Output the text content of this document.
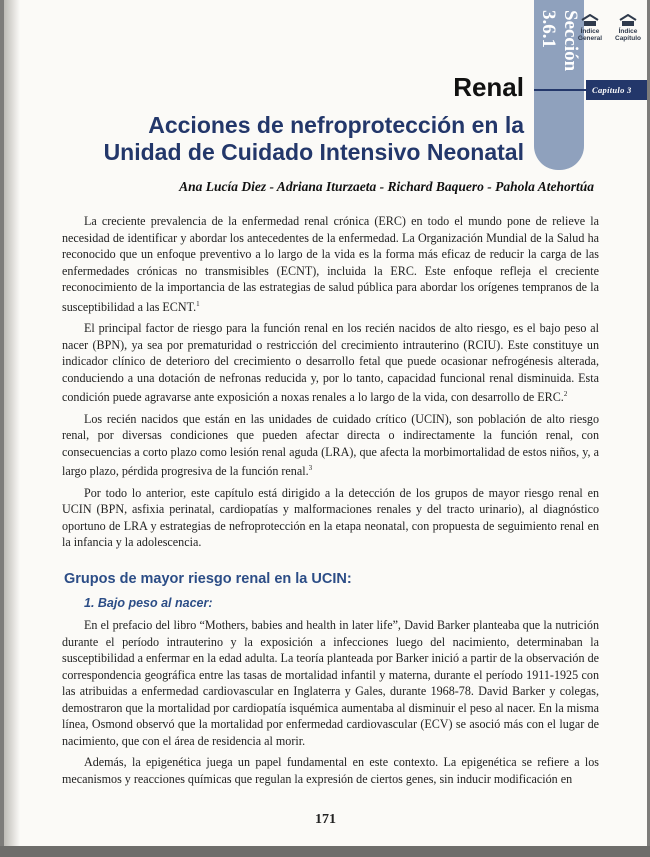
Sección 3.6.1	Índice General
Índice Capítulo
Capítulo 3
Renal
Acciones de nefroprotección en la
Unidad de Cuidado Intensivo Neonatal
Ana Lucía Diez - Adriana Iturzaeta - Richard Baquero - Pahola Atehortúa

La creciente prevalencia de la enfermedad renal crónica (ERC) en todo el mundo pone de relieve la necesidad de identificar y abordar los antecedentes de la enfermedad. La Organización Mundial de la Salud ha reconocido que un enfoque preventivo a lo largo de la vida es la forma más eficaz de reducir la carga de las enfermedades crónicas no transmisibles (ECNT), incluida la ERC. Este enfoque refleja el creciente reconocimiento de la importancia de las estrategias de salud pública para abordar los orígenes tempranos de la susceptibilidad a las ECNT.$^1$

El principal factor de riesgo para la función renal en los recién nacidos de alto riesgo, es el bajo peso al nacer (BPN), ya sea por prematuridad o restricción del crecimiento intrauterino (RCIU). Este constituye un indicador clínico de deterioro del crecimiento o desarrollo fetal que puede ocasionar nefrogénesis alterada, conduciendo a una dotación de nefronas reducida y, por lo tanto, capacidad funcional renal disminuida. Esta condición puede agravarse ante exposición a noxas renales a lo largo de la vida, con desarrollo de ERC.$^2$

Los recién nacidos que están en las unidades de cuidado crítico (UCIN), son población de alto riesgo renal, por diversas condiciones que pueden afectar directa o indirectamente la función renal, con consecuencias a corto plazo como lesión renal aguda (LRA), que afecta la morbimortalidad de estos niños, y, a largo plazo, pérdida progresiva de la función renal.$^3$

Por todo lo anterior, este capítulo está dirigido a la detección de los grupos de mayor riesgo renal en UCIN (BPN, asfixia perinatal, cardiopatías y malformaciones renales y del tracto urinario), al diagnóstico oportuno de LRA y estrategias de nefroprotección en la etapa neonatal, con propuesta de seguimiento renal en la infancia y la adolescencia.

Grupos de mayor riesgo renal en la UCIN:
1. Bajo peso al nacer:

En el prefacio del libro “Mothers, babies and health in later life”, David Barker planteaba que la nutrición durante el período intrauterino y la exposición a infecciones luego del nacimiento, determinaban la susceptibilidad a enfermar en la edad adulta. La teoría planteada por Barker inició a partir de la observación de correspondencia geográfica entre las tasas de mortalidad infantil y materna, durante el período 1911-1925 con las atribuidas a enfermedad cardiovascular en Inglaterra y Gales, durante 1968-78. David Barker y colegas, demostraron que la mortalidad por cardiopatía isquémica aumentaba al disminuir el peso al nacer. En la misma línea, Osmond observó que la mortalidad por enfermedad cardiovascular (ECV) se asoció más con el lugar de nacimiento, que con el área de residencia al morir.

Además, la epigenética juega un papel fundamental en este contexto. La epigenética se refiere a los mecanismos y reacciones químicas que regulan la expresión de ciertos genes, sin inducir modificación en

171
